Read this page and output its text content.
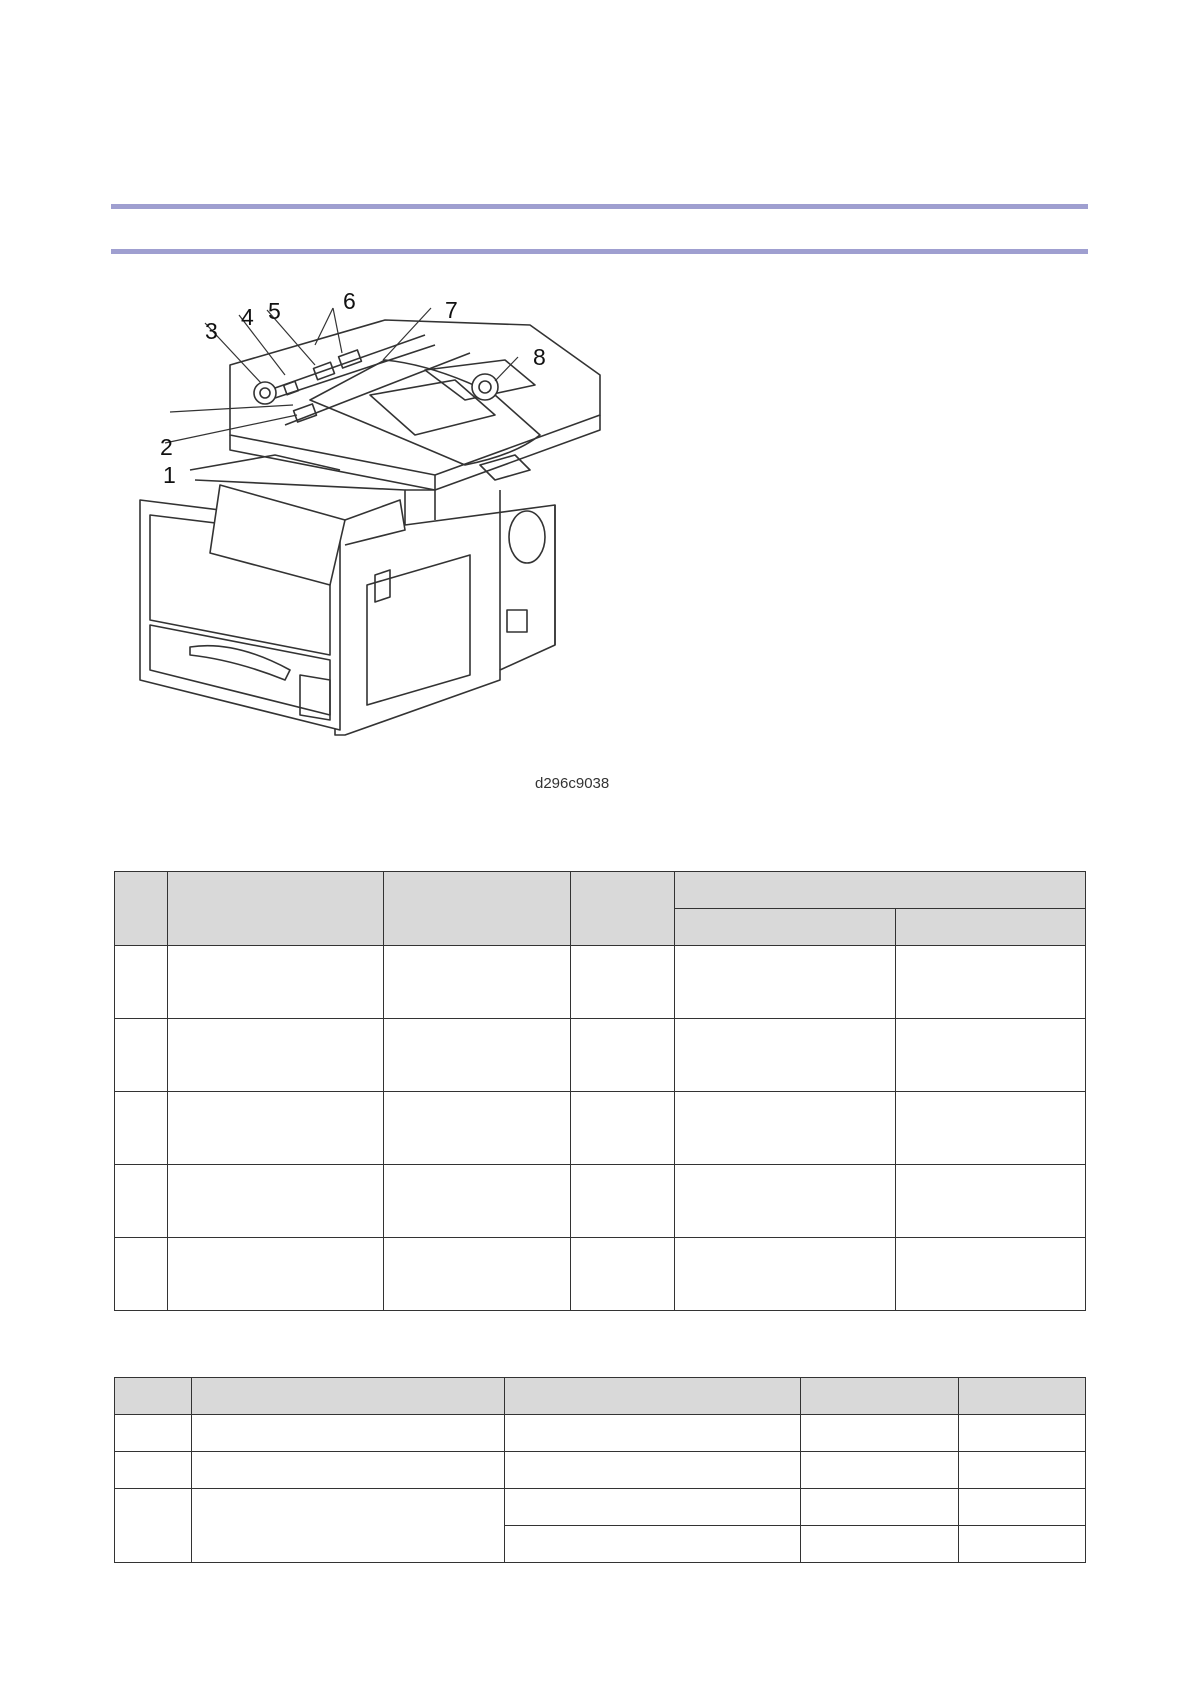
1
2
3
4 5	6	7
8
d296c9038
